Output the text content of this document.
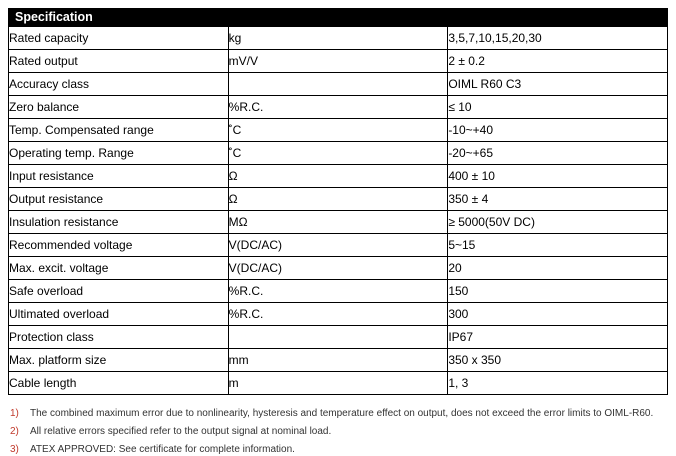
Specification		
Rated capacity	kg	3,5,7,10,15,20,30
Rated output	mV/V	2 ± 0.2
Accuracy class		OIML R60 C3
Zero balance	%R.C.	≤ 10
Temp. Compensated range	˚C	-10~+40
Operating temp. Range	˚C	-20~+65
Input resistance	Ω	400 ± 10
Output resistance	Ω	350 ± 4
Insulation resistance	MΩ	≥ 5000(50V DC)
Recommended voltage	V(DC/AC)	5~15
Max. excit. voltage	V(DC/AC)	20
Safe overload	%R.C.	150
Ultimated overload	%R.C.	300
Protection class		IP67
Max. platform size	mm	350 x 350
Cable length	m	1, 3
1)	The combined maximum error due to nonlinearity, hysteresis and temperature effect on output, does not exceed the error limits to OIML-R60.
2)	All relative errors specified refer to the output signal at nominal load.
3)	ATEX APPROVED: See certificate for complete information.
